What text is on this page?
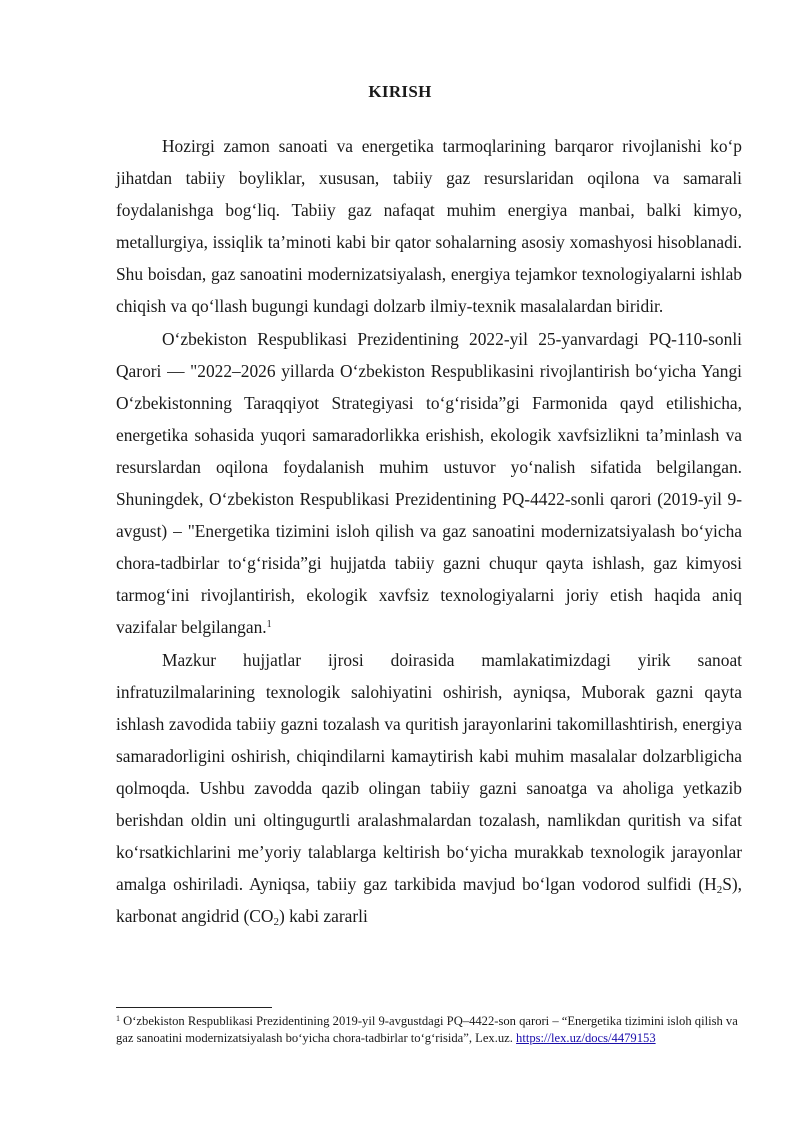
KIRISH

Hozirgi zamon sanoati va energetika tarmoqlarining barqaror rivojlanishi ko‘p jihatdan tabiiy boyliklar, xususan, tabiiy gaz resurslaridan oqilona va samarali foydalanishga bog‘liq. Tabiiy gaz nafaqat muhim energiya manbai, balki kimyo, metallurgiya, issiqlik ta’minoti kabi bir qator sohalarning asosiy xomashyosi hisoblanadi. Shu boisdan, gaz sanoatini modernizatsiyalash, energiya tejamkor texnologiyalarni ishlab chiqish va qo‘llash bugungi kundagi dolzarb ilmiy-texnik masalalardan biridir.

O‘zbekiston Respublikasi Prezidentining 2022-yil 25-yanvardagi PQ-110-sonli Qarori — "2022–2026 yillarda O‘zbekiston Respublikasini rivojlantirish bo‘yicha Yangi O‘zbekistonning Taraqqiyot Strategiyasi to‘g‘risida”gi Farmonida qayd etilishicha, energetika sohasida yuqori samaradorlikka erishish, ekologik xavfsizlikni ta’minlash va resurslardan oqilona foydalanish muhim ustuvor yo‘nalish sifatida belgilangan. Shuningdek, O‘zbekiston Respublikasi Prezidentining PQ-4422-sonli qarori (2019-yil 9-avgust) – "Energetika tizimini isloh qilish va gaz sanoatini modernizatsiyalash bo‘yicha chora-tadbirlar to‘g‘risida”gi hujjatda tabiiy gazni chuqur qayta ishlash, gaz kimyosi tarmog‘ini rivojlantirish, ekologik xavfsiz texnologiyalarni joriy etish haqida aniq vazifalar belgilangan.$^1$

Mazkur hujjatlar ijrosi doirasida mamlakatimizdagi yirik sanoat infratuzilmalarining texnologik salohiyatini oshirish, ayniqsa, Muborak gazni qayta ishlash zavodida tabiiy gazni tozalash va quritish jarayonlarini takomillashtirish, energiya samaradorligini oshirish, chiqindilarni kamaytirish kabi muhim masalalar dolzarbligicha qolmoqda. Ushbu zavodda qazib olingan tabiiy gazni sanoatga va aholiga yetkazib berishdan oldin uni oltingugurtli aralashmalardan tozalash, namlikdan quritish va sifat ko‘rsatkichlarini me’yoriy talablarga keltirish bo‘yicha murakkab texnologik jarayonlar amalga oshiriladi. Ayniqsa, tabiiy gaz tarkibida mavjud bo‘lgan vodorod sulfidi $(H_2S)$, karbonat angidrid $(CO_2)$ kabi zararli

$^1$ O‘zbekiston Respublikasi Prezidentining 2019-yil 9-avgustdagi PQ–4422-son qarori – “Energetika tizimini isloh qilish va gaz sanoatini modernizatsiyalash bo‘yicha chora-tadbirlar to‘g‘risida”, Lex.uz. https://lex.uz/docs/4479153
